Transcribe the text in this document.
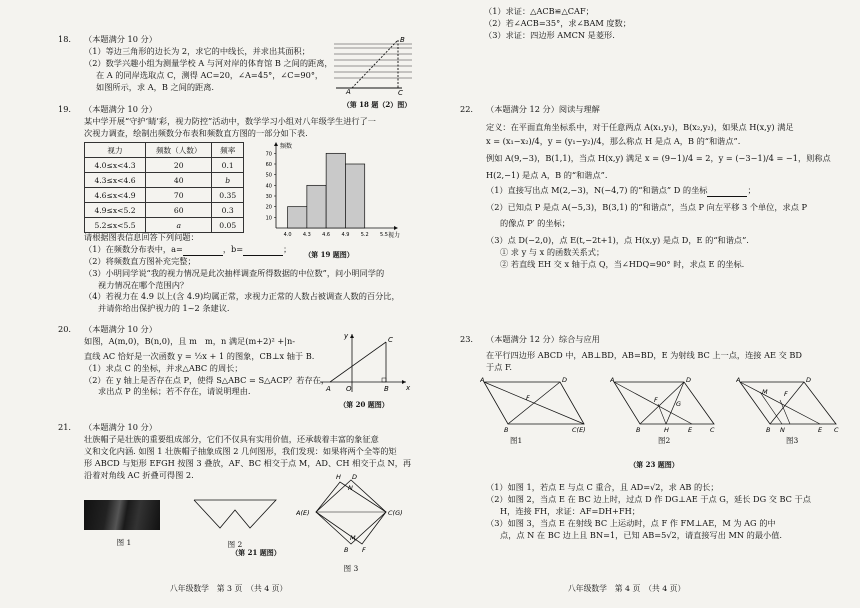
18.	（本题满分 10 分）
（1）等边三角形的边长为 2，求它的中线长，并求出其面积；
（2）数学兴趣小组为测量学校 A 与河对岸的体育馆 B 之间的距离，
在 A 的同岸选取点 C，测得 AC=20，∠A=45°，∠C=90°，
如图所示，求 A，B 之间的距离.
B
A	C
（第 18 题（2）图）
19.	（本题满分 10 分）
某中学开展“守护‘睛’彩，视力防控”活动中，数学学习小组对八年级学生进行了一
次视力调查，绘制出频数分布表和频数直方图的一部分如下表.
视力	频数（人数）	频率
4.0≤x<4.3	20	0.1
4.3≤x<4.6	40	b
4.6≤x<4.9	70	0.35
4.9≤x<5.2	60	0.3
5.2≤x<5.5	a	0.05
10
20
30
40
50
60
70
4.0 4.3 4.6 4.9 5.2 5.5
频数
视力
（第 19 题图）
请根据图表信息回答下列问题：
（1）在频数分布表中，a=	，b=	；
（2）将频数直方图补充完整；
（3）小明同学说“我的视力情况是此次抽样调查所得数据的中位数”，问小明同学的
视力情况在哪个范围内？
（4）若视力在 4.9 以上(含 4.9)均属正常，求视力正常的人数占被调查人数的百分比，
并请你给出保护视力的 1~2 条建议.
20.	（本题满分 10 分）
如图，A(m,0)，B(n,0)，且 m　m，n 满足(m+2)² +|n-
直线 AC 恰好是一次函数 y = ½x + 1 的图象，CB⊥x 轴于 B.
（1）求点 C 的坐标，并求△ABC 的周长；
（2）在 y 轴上是否存在点 P，使得 S△ABC = S△ACP？若存在，
求出点 P 的坐标；若不存在，请说明理由.
y
x
A O	B
C
（第 20 题图）
21.	（本题满分 10 分）
壮族帽子是壮族的重要组成部分，它们不仅具有实用价值，还承载着丰富的象征意
义和文化内涵. 如图 1 壮族帽子抽象成图 2 几何图形，我们发现：如果将两个全等的矩
形 ABCD 与矩形 EFGH 按图 3 叠放，AF、BC 相交于点 M，AD、CH 相交于点 N，再
沿着对角线 AC 折叠可得图 2.
图 1	图 2
H D
N
A(E)	C(G)
M
B F
图 3
（第 21 题图）
八年级数学　第 3 页　（共 4 页）
（1）求证：△ACB≌△CAF；
（2）若∠ACB=35°，求∠BAM 度数；
（3）求证：四边形 AMCN 是菱形.
22.	（本题满分 12 分）阅读与理解
定义：在平面直角坐标系中，对于任意两点 A(x₁,y₁)，B(x₂,y₂)，如果点 H(x,y) 满足
x = (x₁−x₂)/4，y = (y₁−y₂)/4，那么称点 H 是点 A，B 的“和谐点”.
例如 A(9,−3)，B(1,1)，当点 H(x,y) 满足 x = (9−1)/4 = 2，y = (−3−1)/4 = −1，则称点
H(2,−1) 是点 A，B 的“和谐点”.
（1）直接写出点 M(2,−3)，N(−4,7) 的“和谐点” D 的坐标	；
（2）已知点 P 是点 A(−5,3)，B(3,1) 的“和谐点”，当点 P 向左平移 3 个单位，求点 P
的像点 P′ 的坐标；
（3）点 D(−2,0)，点 E(t,−2t+1)，点 H(x,y) 是点 D，E 的“和谐点”.
① 求 y 与 x 的函数关系式；
② 若直线 EH 交 x 轴于点 Q，当∠HDQ=90° 时，求点 E 的坐标.
23.	（本题满分 12 分）综合与应用
在平行四边形 ABCD 中，AB⊥BD，AB=BD，E 为射线 BC 上一点，连接 AE 交 BD
于点 F.
A	D
F
B	C(E)
A	D
F	G
B	H	E	C
A	D
M	F
B N	E C
图1	图2	图3
（第 23 题图）
（1）如图 1，若点 E 与点 C 重合，且 AD=√2，求 AB 的长；
（2）如图 2，当点 E 在 BC 边上时，过点 D 作 DG⊥AE 于点 G，延长 DG 交 BC 于点
H，连接 FH，求证：AF=DH+FH；
（3）如图 3，当点 E 在射线 BC 上运动时，点 F 作 FM⊥AE，M 为 AG 的中
点，点 N 在 BC 边上且 BN=1，已知 AB=5√2，请直接写出 MN 的最小值.
八年级数学　第 4 页　（共 4 页）
